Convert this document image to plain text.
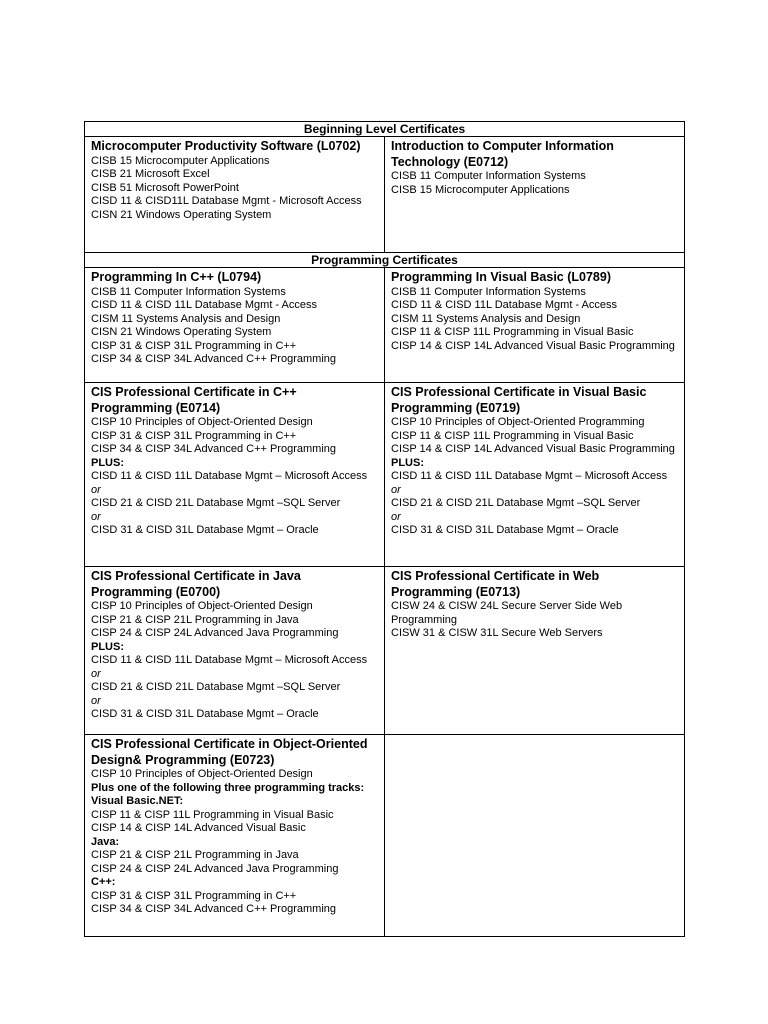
Beginning Level Certificates
Microcomputer Productivity Software (L0702)
CISB 15 Microcomputer Applications
CISB 21 Microsoft Excel
CISB 51 Microsoft PowerPoint
CISD 11 & CISD11L Database Mgmt - Microsoft Access
CISN 21 Windows Operating System
Introduction to Computer Information Technology (E0712)
CISB 11 Computer Information Systems
CISB 15 Microcomputer Applications
Programming Certificates
Programming In C++ (L0794)
CISB 11 Computer Information Systems
CISD 11 & CISD 11L Database Mgmt - Access
CISM 11 Systems Analysis and Design
CISN 21 Windows Operating System
CISP 31 & CISP 31L Programming in C++
CISP 34 & CISP 34L Advanced C++ Programming
Programming In Visual Basic (L0789)
CISB 11 Computer Information Systems
CISD 11 & CISD 11L Database Mgmt - Access
CISM 11 Systems Analysis and Design
CISP 11 & CISP 11L Programming in Visual Basic
CISP 14 & CISP 14L Advanced Visual Basic Programming
CIS Professional Certificate in C++ Programming (E0714)
CISP 10 Principles of Object-Oriented Design
CISP 31 & CISP 31L Programming in C++
CISP 34 & CISP 34L Advanced C++ Programming
PLUS:
CISD 11 & CISD 11L Database Mgmt – Microsoft Access
or
CISD 21 & CISD 21L Database Mgmt –SQL Server
or
CISD 31 & CISD 31L Database Mgmt – Oracle
CIS Professional Certificate in Visual Basic Programming (E0719)
CISP 10 Principles of Object-Oriented Programming
CISP 11 & CISP 11L Programming in Visual Basic
CISP 14 & CISP 14L Advanced Visual Basic Programming
PLUS:
CISD 11 & CISD 11L Database Mgmt – Microsoft Access
or
CISD 21 & CISD 21L Database Mgmt –SQL Server
or
CISD 31 & CISD 31L Database Mgmt – Oracle
CIS Professional Certificate in Java Programming (E0700)
CISP 10 Principles of Object-Oriented Design
CISP 21 & CISP 21L Programming in Java
CISP 24 & CISP 24L Advanced Java Programming
PLUS:
CISD 11 & CISD 11L Database Mgmt – Microsoft Access
or
CISD 21 & CISD 21L Database Mgmt –SQL Server
or
CISD 31 & CISD 31L Database Mgmt – Oracle
CIS Professional Certificate in Web Programming (E0713)
CISW 24 & CISW 24L Secure Server Side Web Programming
CISW 31 & CISW 31L Secure Web Servers
CIS Professional Certificate in Object-Oriented Design& Programming (E0723)
CISP 10 Principles of Object-Oriented Design
Plus one of the following three programming tracks:
Visual Basic.NET:
CISP 11 & CISP 11L Programming in Visual Basic
CISP 14 & CISP 14L Advanced Visual Basic
Java:
CISP 21 & CISP 21L Programming in Java
CISP 24 & CISP 24L Advanced Java Programming
C++:
CISP 31 & CISP 31L Programming in C++
CISP 34 & CISP 34L Advanced C++ Programming
